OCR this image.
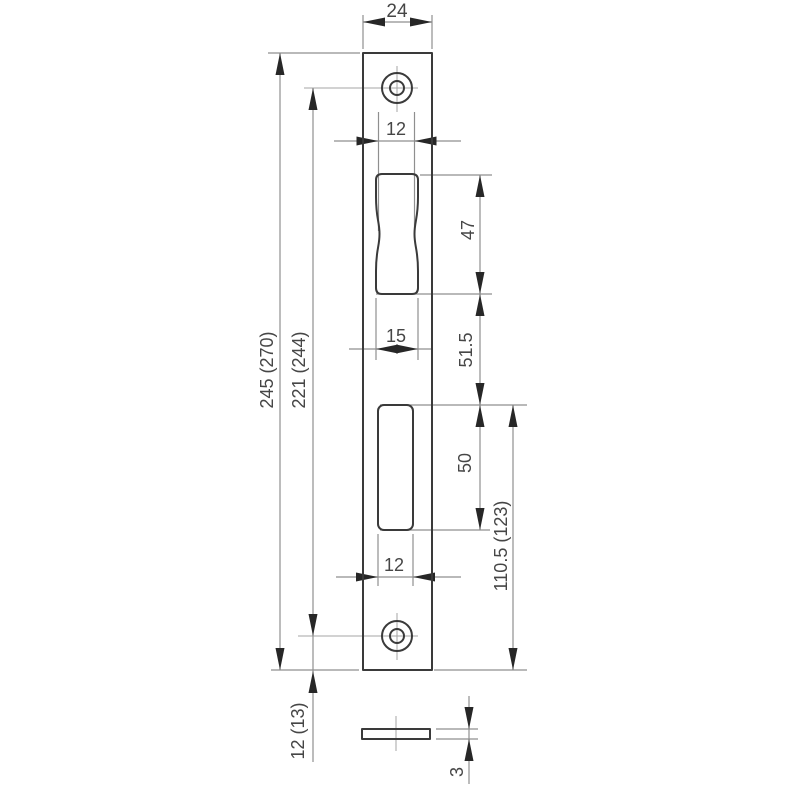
24
12
15
12
47
51.5
50
110.5 (123)
245 (270) 221 (244)
12 (13)
3
